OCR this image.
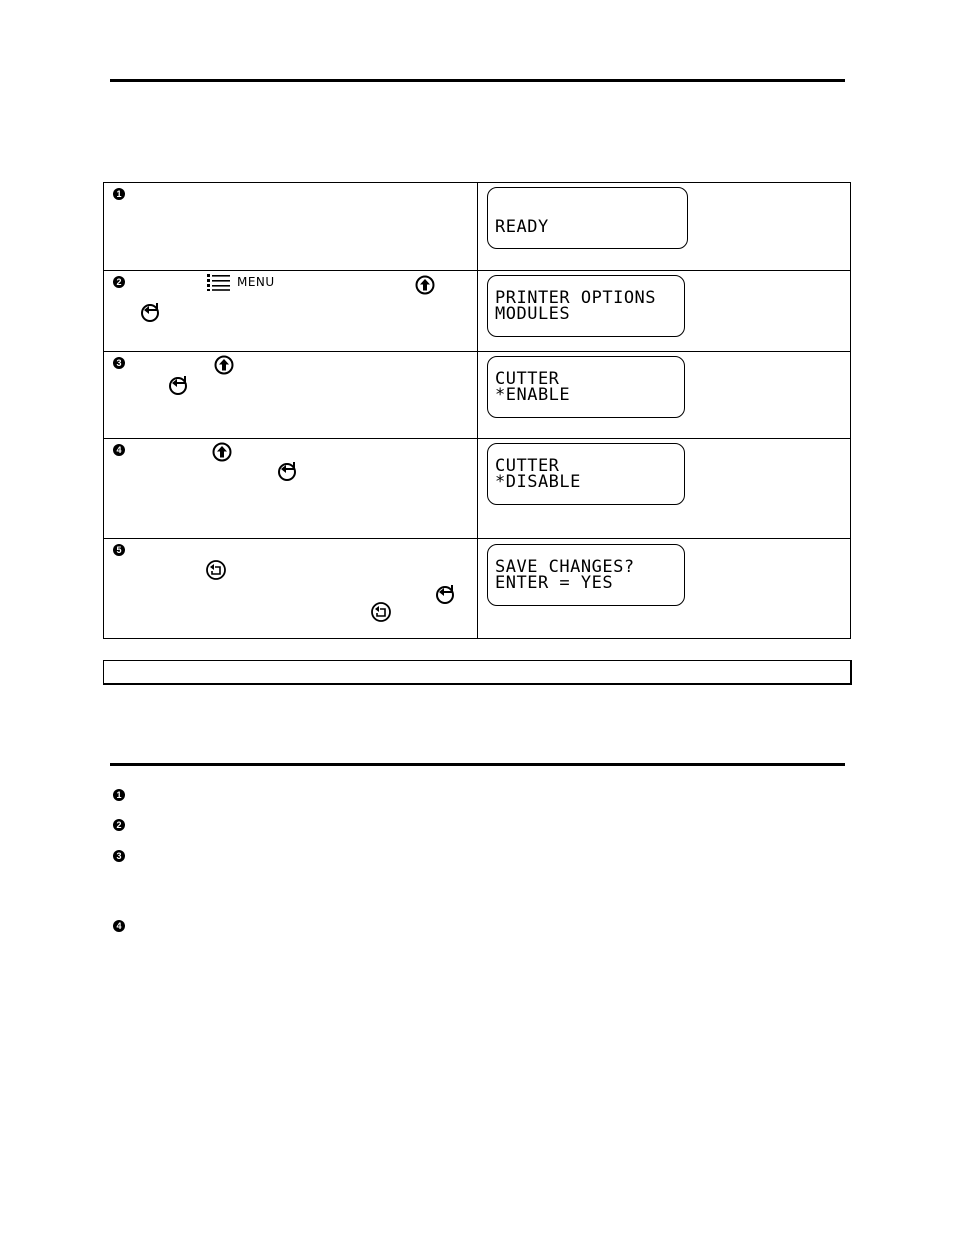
1
READY
2	MENU
PRINTER OPTIONS
MODULES
3
CUTTER
*ENABLE
4
CUTTER
*DISABLE
5
SAVE CHANGES?
ENTER = YES
1
2
3
4
